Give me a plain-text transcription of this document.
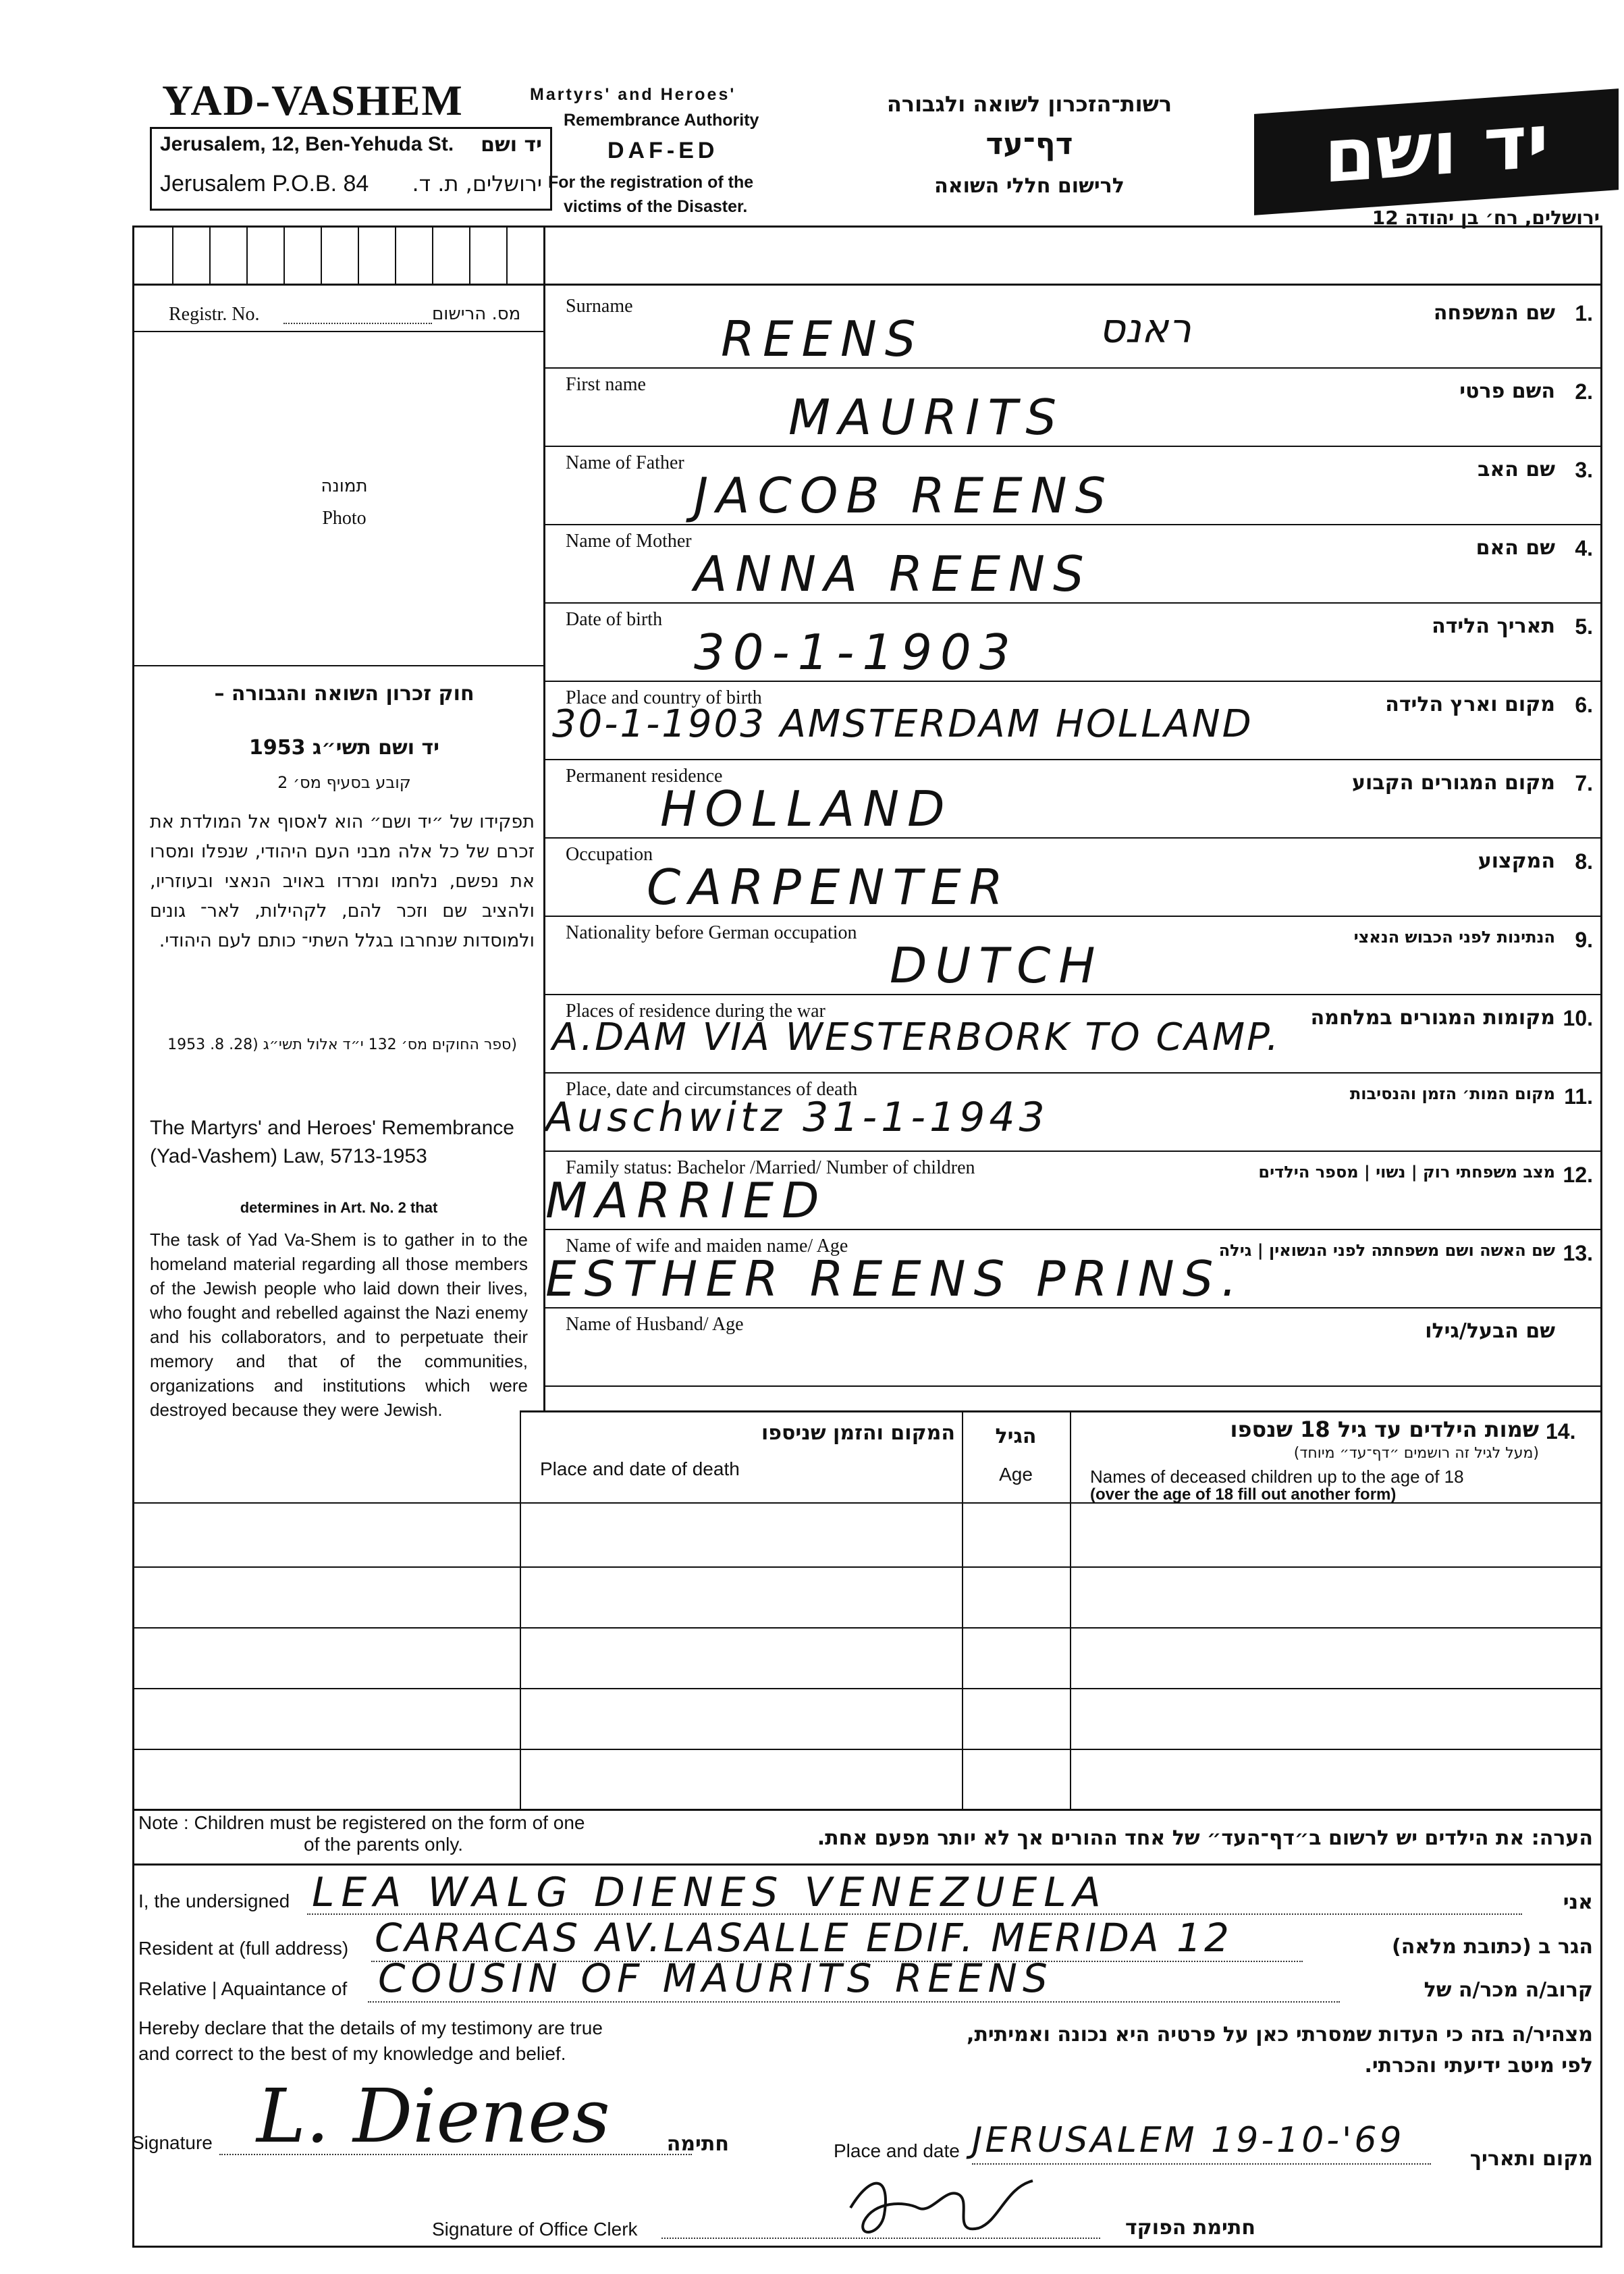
YAD-VASHEM
Jerusalem, 12, Ben-Yehuda St. יד ושם
Jerusalem P.O.B. 84 ירושלים, ת. ד.
Martyrs' and Heroes'
Remembrance Authority
DAF-ED
For the registration of the
victims of the Disaster.
רשות־הזכרון לשואה ולגבורה
דף־עד
לרישום חללי השואה	יד ושם
ירושלים, רח׳ בן יהודה 12
Registr. No.	מס. הרישום
תמונה
Photo
חוק זכרון השואה והגבורה –
יד ושם תשי״ג 1953
קובע בסעיף מס׳ 2
תפקידו של ״יד ושם״ הוא לאסוף אל המולדת את זכרם של כל אלה מבני העם היהודי, שנפלו ומסרו את נפשם, נלחמו ומרדו באויב הנאצי ובעוזריו, ולהציב שם וזכר להם, לקהילות, לאר־ גונים ולמוסדות שנחרבו בגלל השתי־ כותם לעם היהודי.
(ספר החוקים מס׳ 132 י״ד אלול תשי״ג (28. 8. 1953
The Martyrs' and Heroes' Remembrance (Yad-Vashem) Law, 5713-1953
determines in Art. No. 2 that
The task of Yad Va-Shem is to gather in to the homeland material regarding all those members of the Jewish people who laid down their lives, who fought and rebelled against the Nazi enemy and his collaborators, and to perpetuate their memory and that of the communities, organizations and institutions which were destroyed because they were Jewish.
Surname	1.
שם המשפחה
REENS	ראנס
First name	2.
השם פרטי
MAURITS
Name of Father	3.
שם האב
JACOB REENS
Name of Mother	4.
שם האם
ANNA REENS
Date of birth	5.
תאריך הלידה
30-1-1903
Place and country of birth	6.
מקום וארץ הלידה
30-1-1903 AMSTERDAM HOLLAND
Permanent residence	7.
מקום המגורים הקבוע
HOLLAND
Occupation	8.
המקצוע
CARPENTER
Nationality before German occupation	9.
הנתינות לפני הכבוש הנאצי
DUTCH
Places of residence during the war	10.
מקומות המגורים במלחמה
A.DAM VIA WESTERBORK TO CAMP.
Place, date and circumstances of death	11.
מקום המות׳ הזמן והנסיבות
Auschwitz 31-1-1943
Family status: Bachelor /Married/ Number of children	12.
מצב משפחתי רוק | נשוי | מספר הילדים
MARRIED
Name of wife and maiden name/ Age	13.
שם האשה ושם משפחתה לפני הנשואין | גילה
ESTHER REENS PRINS.
Name of Husband/ Age	שם הבעל/גילו
14.
שמות הילדים עד גיל 18 שנספו
(מעל לגיל זה רושמים ״דף־עד״ מיוחד)
Names of deceased children up to the age of 18
(over the age of 18 fill out another form)
הגיל
Age
המקום והזמן שניספו
Place and date of death
Note : Children must be registered on the form of one
of the parents only.	הערה: את הילדים יש לרשום ב״דף־העד״ של אחד ההורים אך לא יותר מפעם אחת.
I, the undersigned LEA WALG DIENES VENEZUELA	אני
Resident at (full address) CARACAS AV.LASALLE EDIF. MERIDA 12	הגר ב (כתובת מלאה)
Relative | Aquaintance of COUSIN OF MAURITS REENS	קרוב/ה מכר/ה של
Hereby declare that the details of my testimony are true
and correct to the best of my knowledge and belief.
מצהיר/ה בזה כי העדות שמסרתי כאן על פרטיה היא נכונה ואמיתית,
לפי מיטב ידיעתי והכרתי.
Signature L. Dienes	חתימה	Place and date JERUSALEM 19-10-'69	מקום ותאריך
Signature of Office Clerk	חתימת הפוקד
